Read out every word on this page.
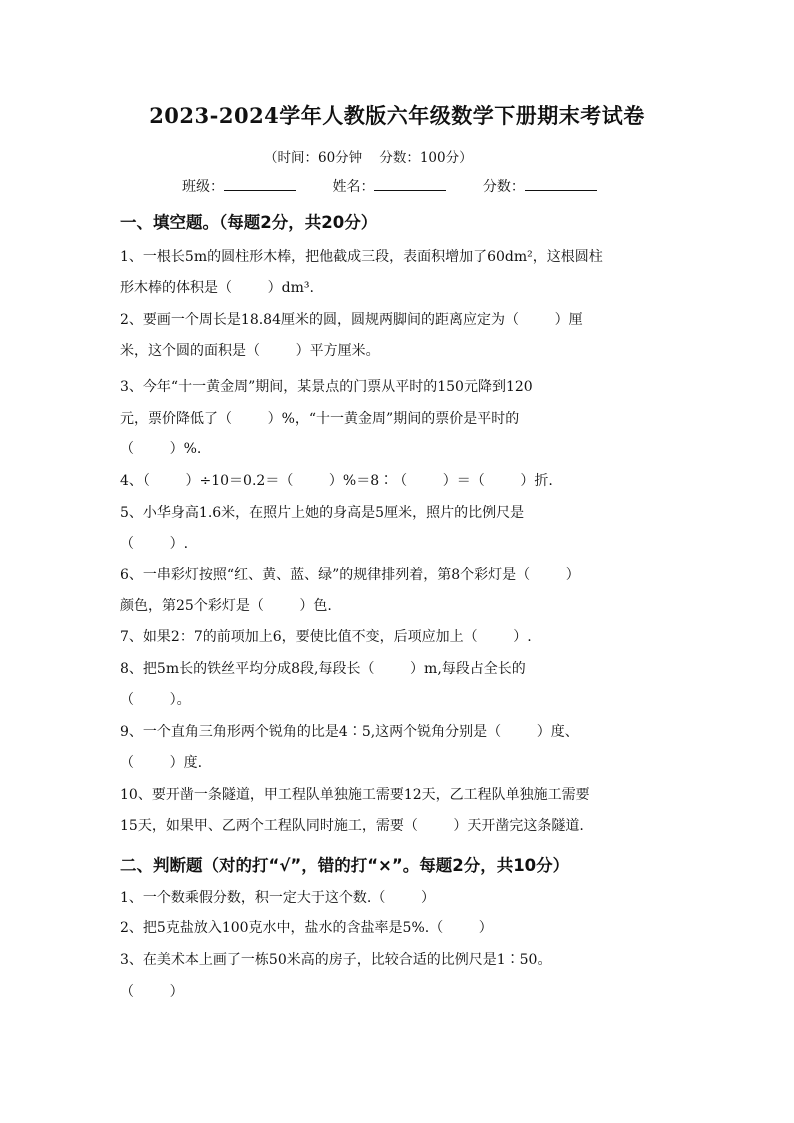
2023-2024学年人教版六年级数学下册期末考试卷
（时间：60分钟    分数：100分）
班级：	姓名：	分数：
一、填空题。（每题2分，共20分）
1、一根长5m的圆柱形木棒，把他截成三段，表面积增加了60dm²，这根圆柱
形木棒的体积是（        ）dm³.
2、要画一个周长是18.84厘米的圆，圆规两脚间的距离应定为（        ）厘
米，这个圆的面积是（        ）平方厘米。
3、今年“十一黄金周”期间，某景点的门票从平时的150元降到120
元，票价降低了（        ）%，“十一黄金周”期间的票价是平时的
（        ）%.
4、（        ）÷10＝0.2＝（        ）%＝8∶（        ）＝（        ）折.
5、小华身高1.6米，在照片上她的身高是5厘米，照片的比例尺是
（        ）.
6、一串彩灯按照“红、黄、蓝、绿”的规律排列着，第8个彩灯是（        ）
颜色，第25个彩灯是（        ）色.
7、如果2：7的前项加上6，要使比值不变，后项应加上（        ）.
8、把5m长的铁丝平均分成8段,每段长（        ）m,每段占全长的
（        ）。
9、一个直角三角形两个锐角的比是4∶5,这两个锐角分别是（        ）度、
（        ）度.
10、要开凿一条隧道，甲工程队单独施工需要12天，乙工程队单独施工需要
15天，如果甲、乙两个工程队同时施工，需要（        ）天开凿完这条隧道.
二、判断题（对的打“√”，错的打“×”。每题2分，共10分）
1、一个数乘假分数，积一定大于这个数.（        ）
2、把5克盐放入100克水中，盐水的含盐率是5%.（        ）
3、在美术本上画了一栋50米高的房子，比较合适的比例尺是1∶50。
（        ）
